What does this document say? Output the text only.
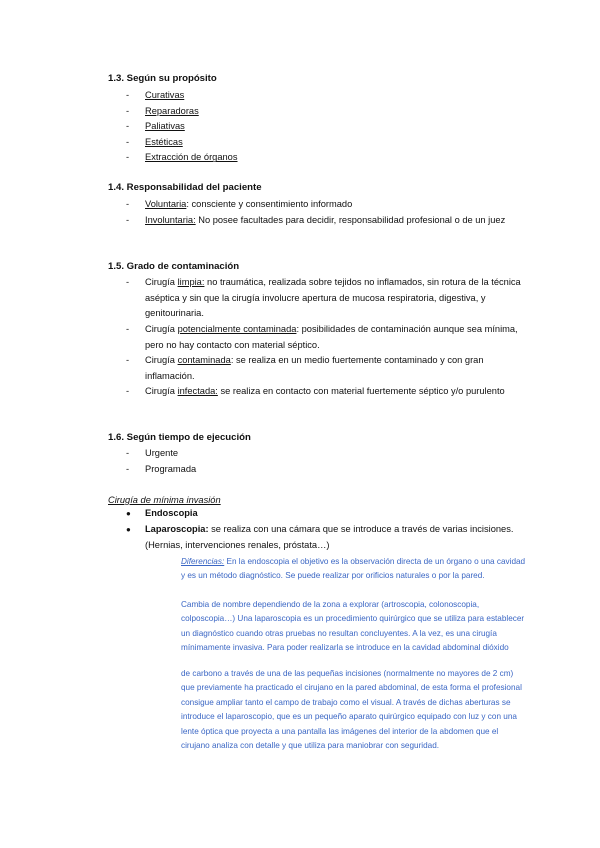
1.3. Según su propósito
- Curativas
- Reparadoras
- Paliativas
- Estéticas
- Extracción de órganos
1.4. Responsabilidad del paciente
- Voluntaria: consciente y consentimiento informado
- Involuntaria: No posee facultades para decidir, responsabilidad profesional o de un juez
1.5. Grado de contaminación
- Cirugía limpia: no traumática, realizada sobre tejidos no inflamados, sin rotura de la técnica aséptica y sin que la cirugía involucre apertura de mucosa respiratoria, digestiva, y genitourinaria.
- Cirugía potencialmente contaminada: posibilidades de contaminación aunque sea mínima, pero no hay contacto con material séptico.
- Cirugía contaminada: se realiza en un medio fuertemente contaminado y con gran inflamación.
- Cirugía infectada: se realiza en contacto con material fuertemente séptico y/o purulento
1.6. Según tiempo de ejecución
- Urgente
- Programada
Cirugía de mínima invasión
● Endoscopia
● Laparoscopia: se realiza con una cámara que se introduce a través de varias incisiones. (Hernias, intervenciones renales, próstata…)
Diferencias: En la endoscopia el objetivo es la observación directa de un órgano o una cavidad y es un método diagnóstico. Se puede realizar por orificios naturales o por la pared.
Cambia de nombre dependiendo de la zona a explorar (artroscopia, colonoscopia, colposcopia…) Una laparoscopia es un procedimiento quirúrgico que se utiliza para establecer un diagnóstico cuando otras pruebas no resultan concluyentes. A la vez, es una cirugía mínimamente invasiva. Para poder realizarla se introduce en la cavidad abdominal dióxido
de carbono a través de una de las pequeñas incisiones (normalmente no mayores de 2 cm) que previamente ha practicado el cirujano en la pared abdominal, de esta forma el profesional consigue ampliar tanto el campo de trabajo como el visual. A través de dichas aberturas se introduce el laparoscopio, que es un pequeño aparato quirúrgico equipado con luz y con una lente óptica que proyecta a una pantalla las imágenes del interior de la abdomen que el cirujano analiza con detalle y que utiliza para maniobrar con seguridad.
